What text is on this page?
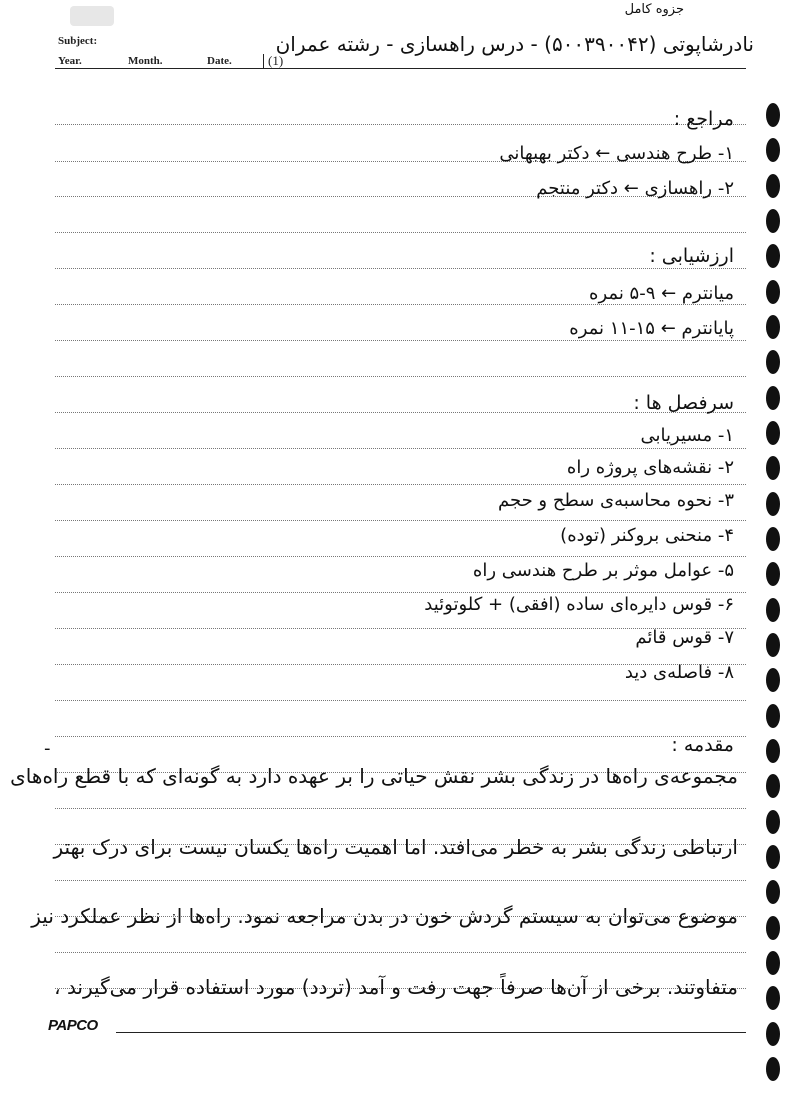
جزوه کامل
Subject:
Year.	Month.	Date.	(1)
نادرشاپوتی (۵۰۰۳۹۰۰۴۲) - درس راهسازی - رشته عمران
مراجع :
۱- طرح هندسی ← دکتر بهبهانی
۲- راهسازی ← دکتر منتجم
ارزشیابی :
میانترم ← ۹-۵ نمره
پایانترم ← ۱۵-۱۱ نمره
سرفصل ها :
۱- مسیریابی
۲- نقشه‌های پروژه راه
۳- نحوه محاسبه‌ی سطح و حجم
۴- منحنی بروکنر (توده)
۵- عوامل موثر بر طرح هندسی راه
۶- قوس دایره‌ای ساده (افقی) + کلوتوئید
۷- قوس قائم
۸- فاصله‌ی دید
-	مقدمه :
مجموعه‌ی راه‌ها در زندگی بشر نقش حیاتی را بر عهده دارد به گونه‌ای که با قطع راه‌های
ارتباطی زندگی بشر به خطر می‌افتد. اما اهمیت راه‌ها یکسان نیست برای درک بهتر
موضوع می‌توان به سیستم گردش خون در بدن مراجعه نمود. راه‌ها از نظر عملکرد نیز
متفاوتند. برخی از آن‌ها صرفاً جهت رفت و آمد (تردد) مورد استفاده قرار می‌گیرند ،
PAPCO
